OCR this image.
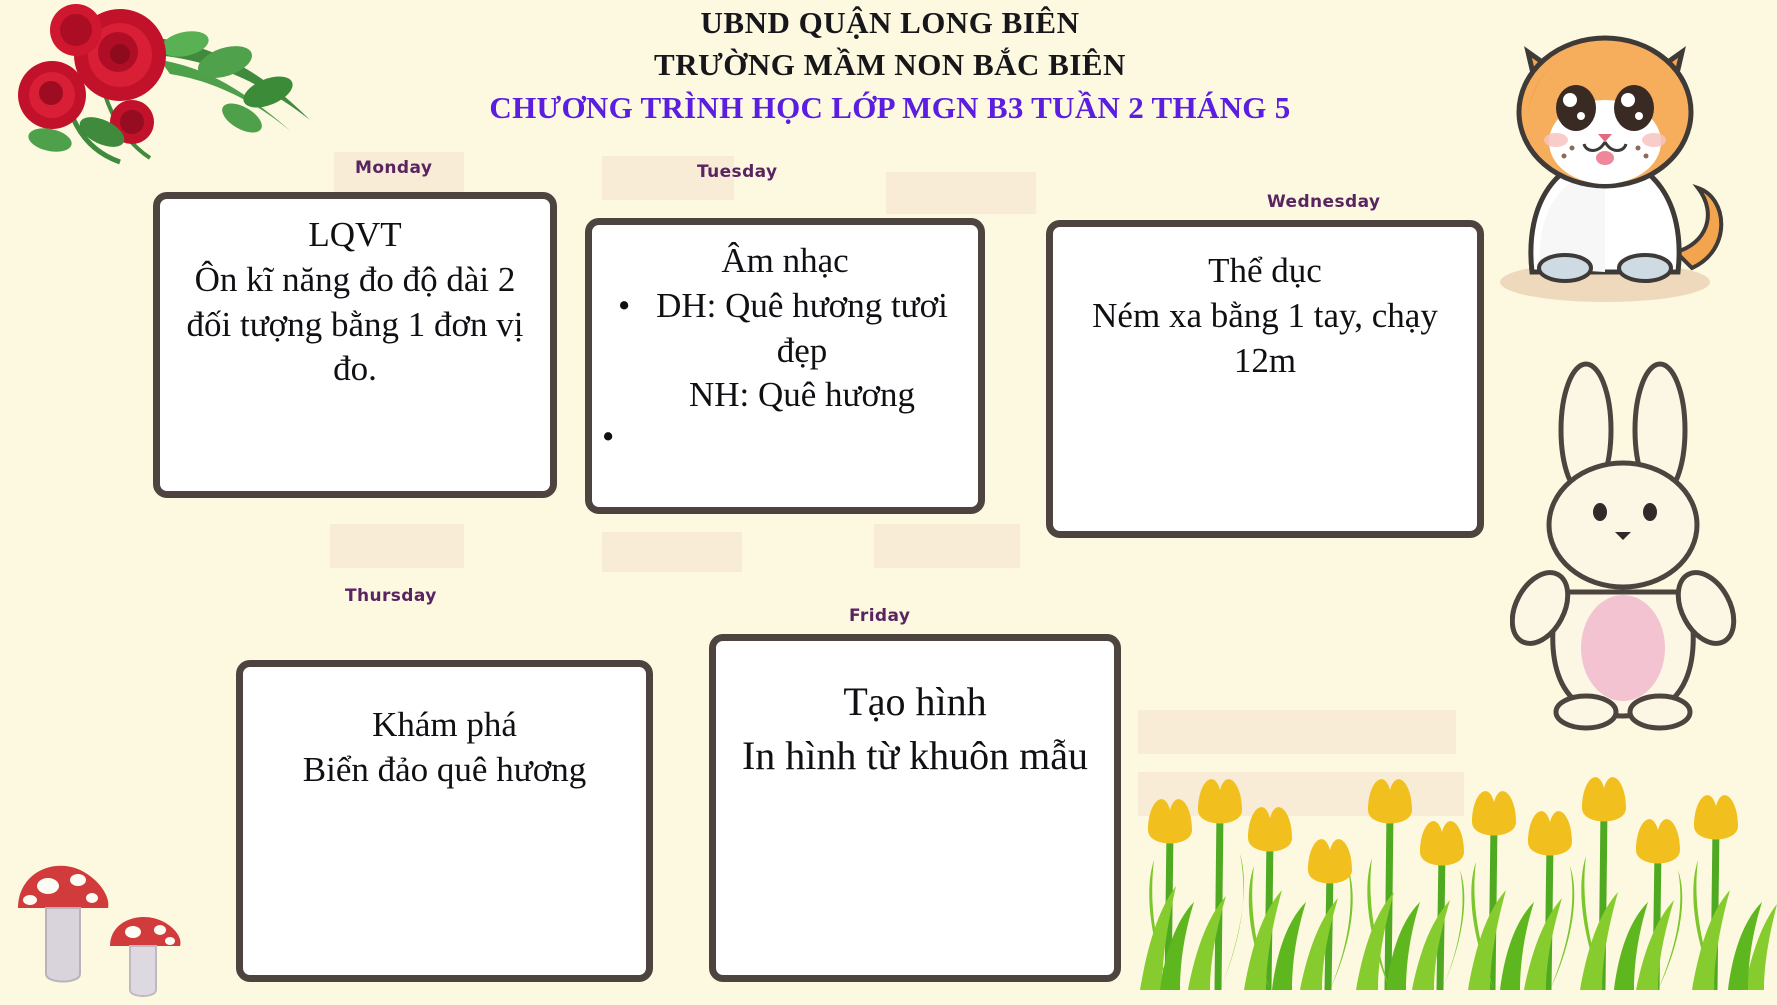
UBND QUẬN LONG BIÊN
TRƯỜNG MẦM NON BẮC BIÊN
CHƯƠNG TRÌNH HỌC LỚP MGN B3 TUẦN 2 THÁNG 5
Monday	Tuesday
Wednesday
Thursday
Friday
LQVT
Ôn kĩ năng đo độ dài 2 đối tượng bằng 1 đơn vị đo.
Âm nhạc
• DH: Quê hương tươi đẹp
• NH: Quê hương
Thể dục
Ném xa bằng 1 tay, chạy 12m
Khám phá
Biển đảo quê hương
Tạo hình
In hình từ khuôn mẫu
